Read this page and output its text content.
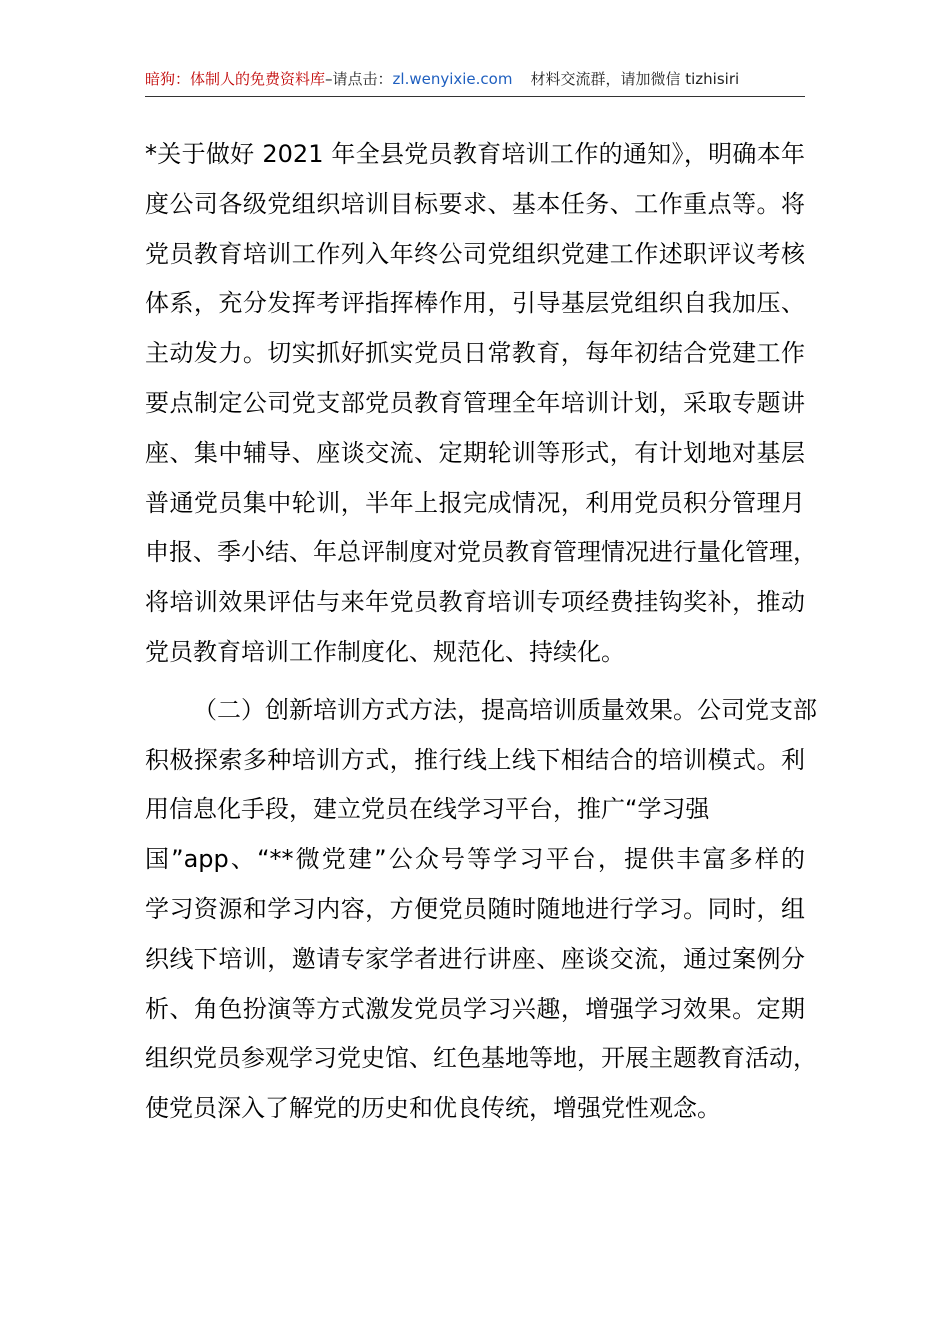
暗狗：体制人的免费资料库–请点击：zl.wenyixie.com 材料交流群，请加微信 tizhisiri
*关于做好 2021 年全县党员教育培训工作的通知》，明确本年
度公司各级党组织培训目标要求、基本任务、工作重点等。将
党员教育培训工作列入年终公司党组织党建工作述职评议考核
体系，充分发挥考评指挥棒作用，引导基层党组织自我加压、
主动发力。切实抓好抓实党员日常教育，每年初结合党建工作
要点制定公司党支部党员教育管理全年培训计划，采取专题讲
座、集中辅导、座谈交流、定期轮训等形式，有计划地对基层
普通党员集中轮训，半年上报完成情况，利用党员积分管理月
申报、季小结、年总评制度对党员教育管理情况进行量化管理，
将培训效果评估与来年党员教育培训专项经费挂钩奖补，推动
党员教育培训工作制度化、规范化、持续化。
（二）创新培训方式方法，提高培训质量效果。公司党支部
积极探索多种培训方式，推行线上线下相结合的培训模式。利
用信息化手段，建立党员在线学习平台，推广“学习强
国”app、“**微党建”公众号等学习平台，提供丰富多样的
学习资源和学习内容，方便党员随时随地进行学习。同时，组
织线下培训，邀请专家学者进行讲座、座谈交流，通过案例分
析、角色扮演等方式激发党员学习兴趣，增强学习效果。定期
组织党员参观学习党史馆、红色基地等地，开展主题教育活动，
使党员深入了解党的历史和优良传统，增强党性观念。
